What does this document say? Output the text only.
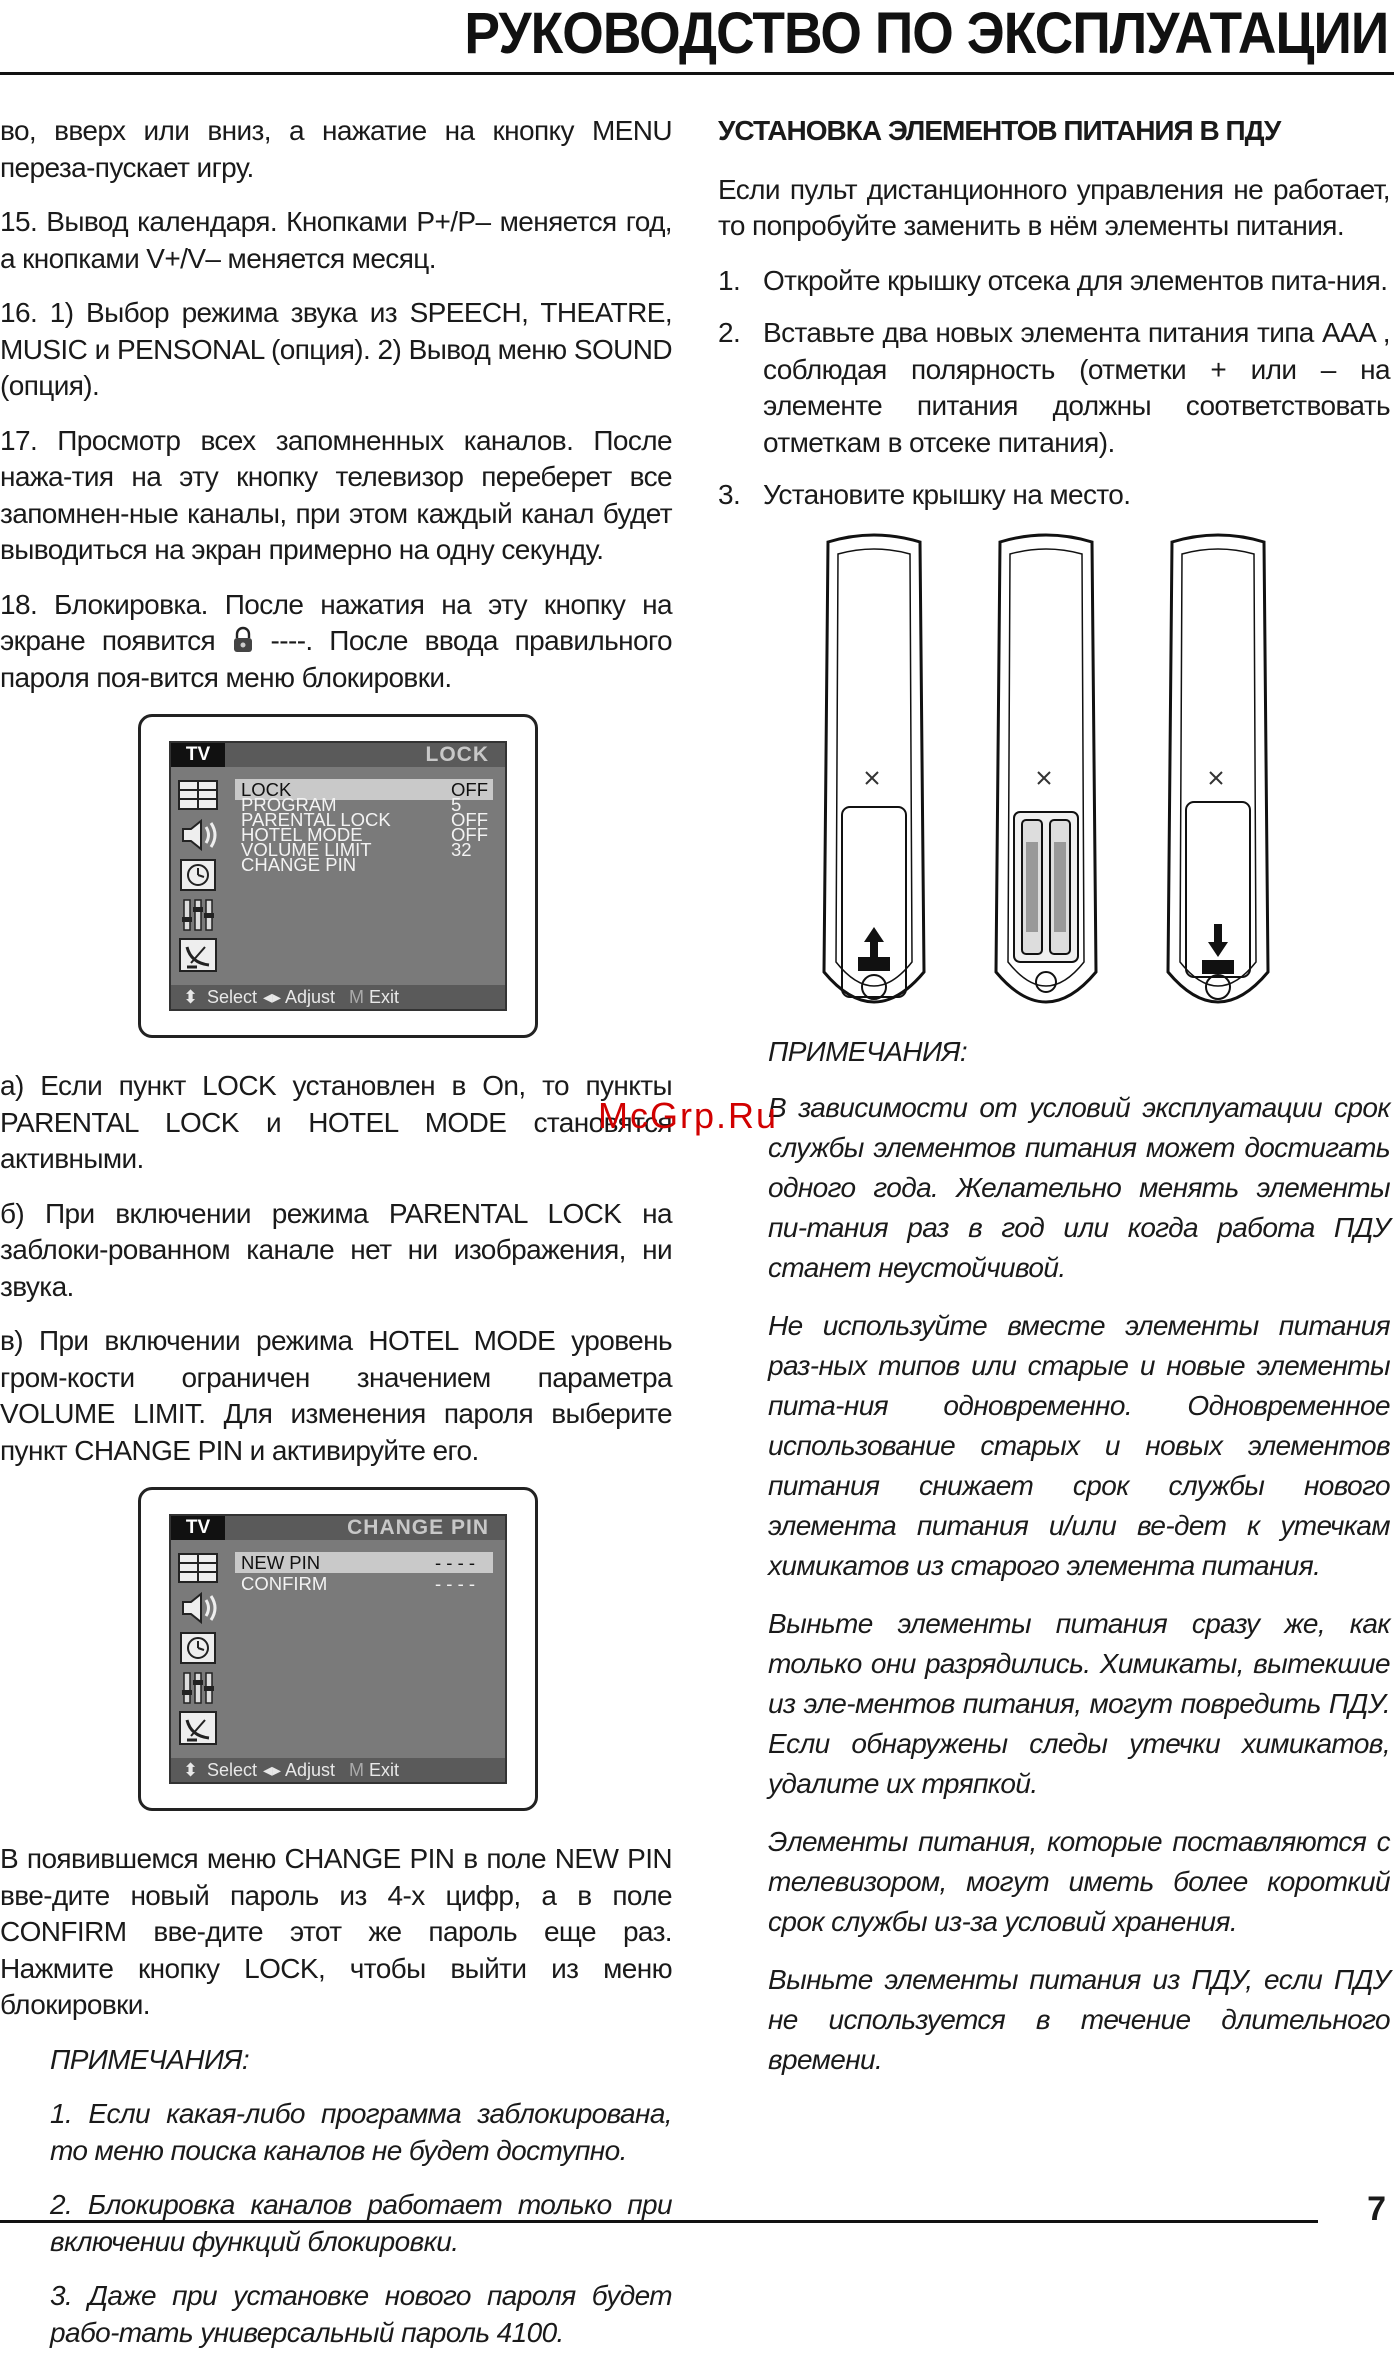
РУКОВОДСТВО ПО ЭКСПЛУАТАЦИИ

во, вверх или вниз, а нажатие на кнопку MENU переза-пускает игру.

15. Вывод календаря. Кнопками P+/P– меняется год, а кнопками V+/V– меняется месяц.

16. 1) Выбор режима звука из SPEECH, THEATRE, MUSIC и PENSONAL (опция). 2) Вывод меню SOUND (опция).

17. Просмотр всех запомненных каналов. После нажа-тия на эту кнопку телевизор переберет все запомнен-ные каналы, при этом каждый канал будет выводиться на экран примерно на одну секунду.

18. Блокировка. После нажатия на эту кнопку на экране появится ----. После ввода правильного пароля поя-вится меню блокировки.

TV	LOCK
LOCK	OFF
PROGRAM	5
PARENTAL LOCK	OFF
HOTEL MODE	OFF
VOLUME LIMIT	32
CHANGE PIN
⬍ Select ◂▸ Adjust M Exit

а) Если пункт LOCK установлен в On, то пункты PARENTAL LOCK и HOTEL MODE становятся активными.

б) При включении режима PARENTAL LOCK на заблоки-рованном канале нет ни изображения, ни звука.

в) При включении режима HOTEL MODE уровень гром-кости ограничен значением параметра VOLUME LIMIT. Для изменения пароля выберите пункт CHANGE PIN и активируйте его.

TV	CHANGE PIN
NEW PIN	- - - -
CONFIRM	- - - -
⬍ Select ◂▸ Adjust M Exit

В появившемся меню CHANGE PIN в поле NEW PIN вве-дите новый пароль из 4-х цифр, а в поле CONFIRM вве-дите этот же пароль еще раз. Нажмите кнопку LOCK, чтобы выйти из меню блокировки.

ПРИМЕЧАНИЯ:

1. Если какая-либо программа заблокирована, то меню поиска каналов не будет доступно.

2. Блокировка каналов работает только при включении функций блокировки.

3. Даже при установке нового пароля будет рабо-тать универсальный пароль 4100.

УСТАНОВКА ЭЛЕМЕНТОВ ПИТАНИЯ В ПДУ

Если пульт дистанционного управления не работает, то попробуйте заменить в нём элементы питания.

1. Откройте крышку отсека для элементов пита-ния.
2. Вставьте два новых элемента питания типа AAA , соблюдая полярность (отметки + или – на элементе питания должны соответствовать отметкам в отсеке питания).
3. Установите крышку на место.

ПРИМЕЧАНИЯ:

В зависимости от условий эксплуатации срок службы элементов питания может достигать одного года. Желательно менять элементы пи-тания раз в год или когда работа ПДУ станет неустойчивой.

Не используйте вместе элементы питания раз-ных типов или старые и новые элементы пита-ния одновременно. Одновременное использование старых и новых элементов питания снижает срок службы нового элемента питания и/или ве-дет к утечкам химикатов из старого элемента питания.

Выньте элементы питания сразу же, как только они разрядились. Химикаты, вытекшие из эле-ментов питания, могут повредить ПДУ. Если обнаружены следы утечки химикатов, удалите их тряпкой.

Элементы питания, которые поставляются с телевизором, могут иметь более короткий срок службы из-за условий хранения.

Выньте элементы питания из ПДУ, если ПДУ не используется в течение длительного времени.

McGrp.Ru
7
